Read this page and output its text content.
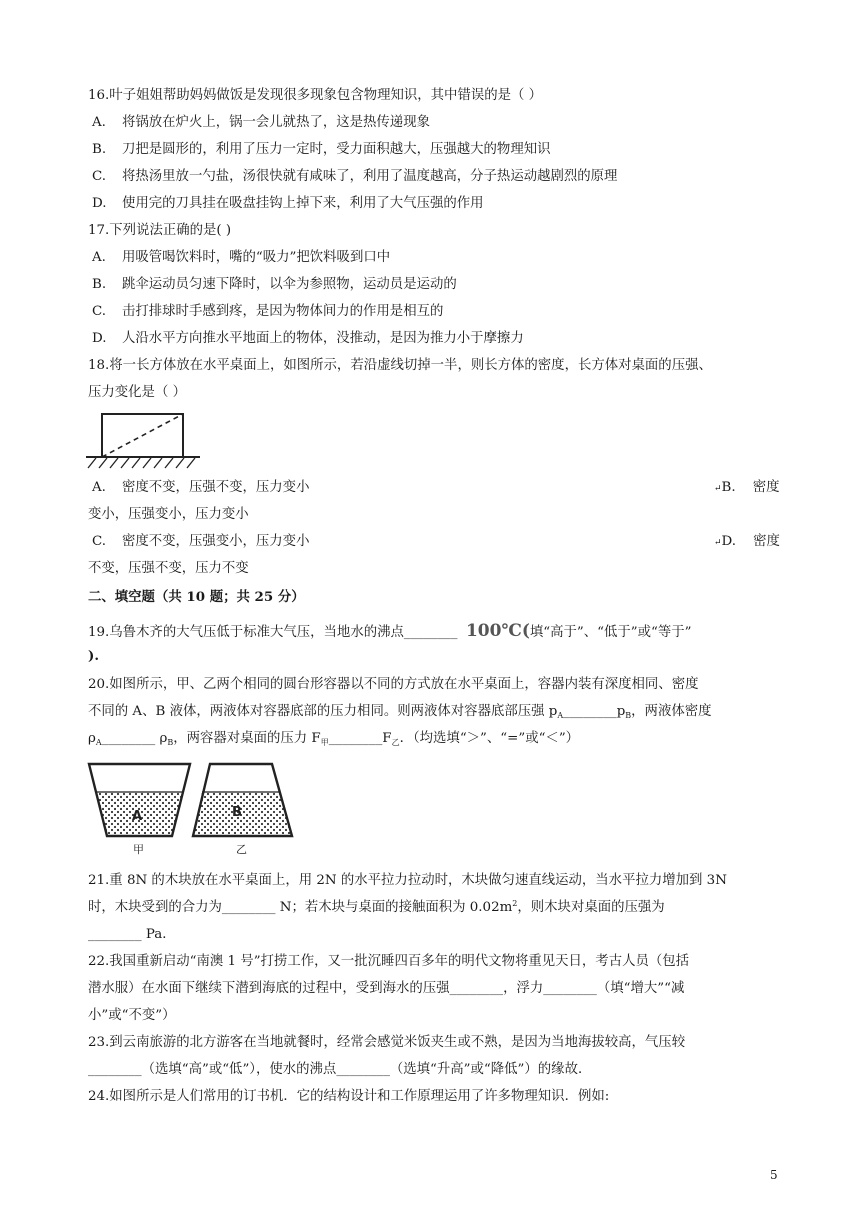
16.叶子姐姐帮助妈妈做饭是发现很多现象包含物理知识，其中错误的是（ ）
A. 将锅放在炉火上，锅一会儿就热了，这是热传递现象
B. 刀把是圆形的，利用了压力一定时，受力面积越大，压强越大的物理知识
C. 将热汤里放一勺盐，汤很快就有咸味了，利用了温度越高，分子热运动越剧烈的原理
D. 使用完的刀具挂在吸盘挂钩上掉下来，利用了大气压强的作用
17.下列说法正确的是( )
A. 用吸管喝饮料时，嘴的“吸力”把饮料吸到口中
B. 跳伞运动员匀速下降时，以伞为参照物，运动员是运动的
C. 击打排球时手感到疼，是因为物体间力的作用是相互的
D. 人沿水平方向推水平地面上的物体，没推动，是因为推力小于摩擦力
18.将一长方体放在水平桌面上，如图所示，若沿虚线切掉一半，则长方体的密度，长方体对桌面的压强、
压力变化是（ ）
A. 密度不变，压强不变，压力变小	↵B. 密度
变小，压强变小，压力变小
C. 密度不变，压强变小，压力变小	↵D. 密度
不变，压强不变，压力不变
二、填空题（共 10 题；共 25 分）
19.乌鲁木齐的大气压低于标准大气压，当地水的沸点________ 100℃(填“高于”、“低于”或“等于”
).
20.如图所示，甲、乙两个相同的圆台形容器以不同的方式放在水平桌面上，容器内装有深度相同、密度
不同的 A、B 液体，两液体对容器底部的压力相同。则两液体对容器底部压强 $p_A\_\_\_\_\_\_\_\_p_B$，两液体密度
$\rho_A\_\_\_\_\_\_\_\_$ $\rho_B$，两容器对桌面的压力 $F_甲\_\_\_\_\_\_\_\_F_乙$．（均选填“＞”、“=”或“＜”）
A
甲
B
乙
21.重 8N 的木块放在水平桌面上，用 2N 的水平拉力拉动时，木块做匀速直线运动，当水平拉力增加到 3N
时，木块受到的合力为________ N；若木块与桌面的接触面积为 $0.02m^2$，则木块对桌面的压强为
________ Pa．
22.我国重新启动“南澳 1 号”打捞工作，又一批沉睡四百多年的明代文物将重见天日，考古人员（包括
潜水服）在水面下继续下潜到海底的过程中，受到海水的压强________，浮力________（填“增大”“减
小”或“不变”）
23.到云南旅游的北方游客在当地就餐时，经常会感觉米饭夹生或不熟，是因为当地海拔较高，气压较
________（选填“高”或“低”），使水的沸点________（选填“升高”或“降低”）的缘故．
24.如图所示是人们常用的订书机．它的结构设计和工作原理运用了许多物理知识．例如:
5
